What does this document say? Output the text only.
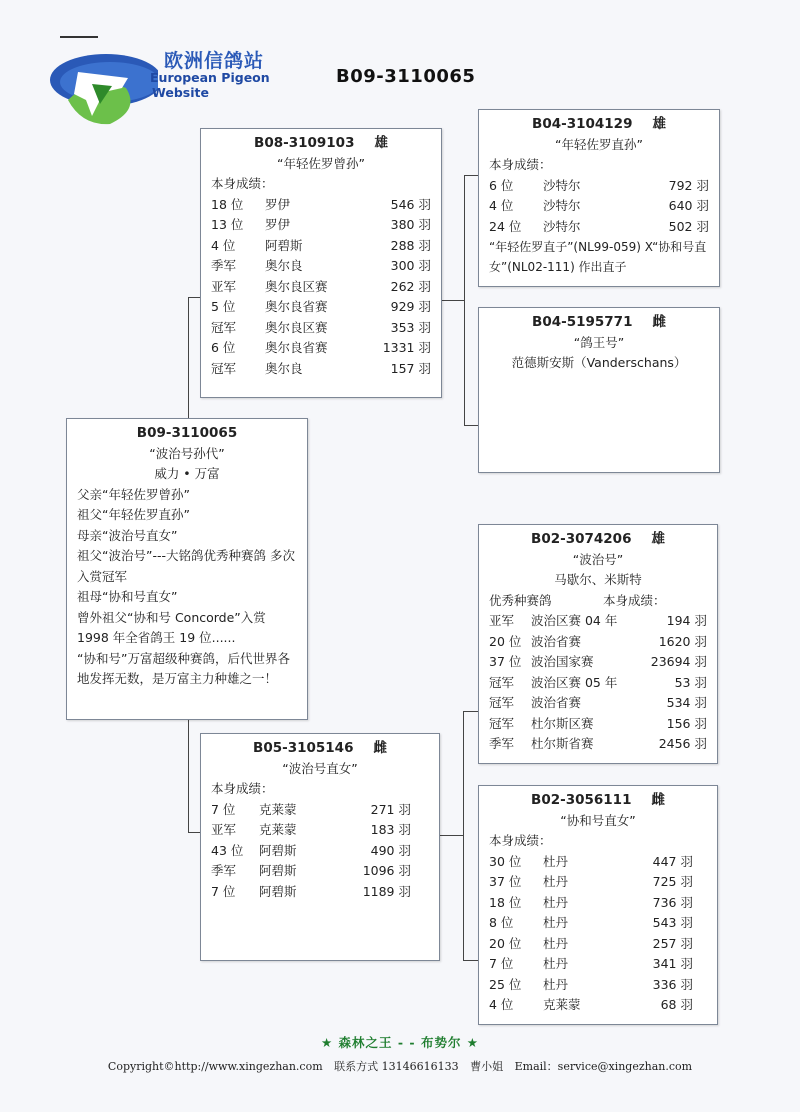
欧洲信鸽站
European Pigeon
Website
B09-3110065
B09-3110065
“波治号孙代”
威力 • 万富
父亲“年轻佐罗曾孙”
祖父“年轻佐罗直孙”
母亲“波治号直女”
祖父“波治号”---大铭鸽优秀种赛鸽 多次入赏冠军
祖母“协和号直女”
曾外祖父“协和号 Concorde”入赏1998 年全省鸽王 19 位......
“协和号”万富超级种赛鸽，后代世界各地发挥无数，是万富主力种雄之一！
B08-3109103 雄
“年轻佐罗曾孙”
本身成绩：
18 位 罗伊	546 羽
13 位 罗伊	380 羽
4 位 阿碧斯	288 羽
季军 奥尔良	300 羽
亚军 奥尔良区赛	262 羽
5 位 奥尔良省赛	929 羽
冠军 奥尔良区赛	353 羽
6 位 奥尔良省赛	1331 羽
冠军 奥尔良	157 羽
B04-3104129 雄
“年轻佐罗直孙”
本身成绩：
6 位 沙特尔	792 羽
4 位 沙特尔	640 羽
24 位 沙特尔	502 羽
“年轻佐罗直子”(NL99-059) X“协和号直女”(NL02-111) 作出直子
B04-5195771 雌
“鸽王号”
范德斯安斯（Vanderschans）
B05-3105146 雌
“波治号直女”
本身成绩：
7 位 克莱蒙	271 羽
亚军 克莱蒙	183 羽
43 位 阿碧斯	490 羽
季军 阿碧斯	1096 羽
7 位 阿碧斯	1189 羽
B02-3074206 雄
“波治号”
马歇尔、米斯特
优秀种赛鸽	本身成绩：
亚军 波治区赛 04 年	194 羽
20 位 波治省赛	1620 羽
37 位 波治国家赛	23694 羽
冠军 波治区赛 05 年	53 羽
冠军 波治省赛	534 羽
冠军 杜尔斯区赛	156 羽
季军 杜尔斯省赛	2456 羽
B02-3056111 雌
“协和号直女”
本身成绩：
30 位 杜丹	447 羽
37 位 杜丹	725 羽
18 位 杜丹	736 羽
8 位 杜丹	543 羽
20 位 杜丹	257 羽
7 位 杜丹	341 羽
25 位 杜丹	336 羽
4 位 克莱蒙	68 羽
★ 森林之王 - - 布势尔 ★
Copyright©http://www.xingezhan.com 联系方式 13146616133 曹小姐 Email：service@xingezhan.com
